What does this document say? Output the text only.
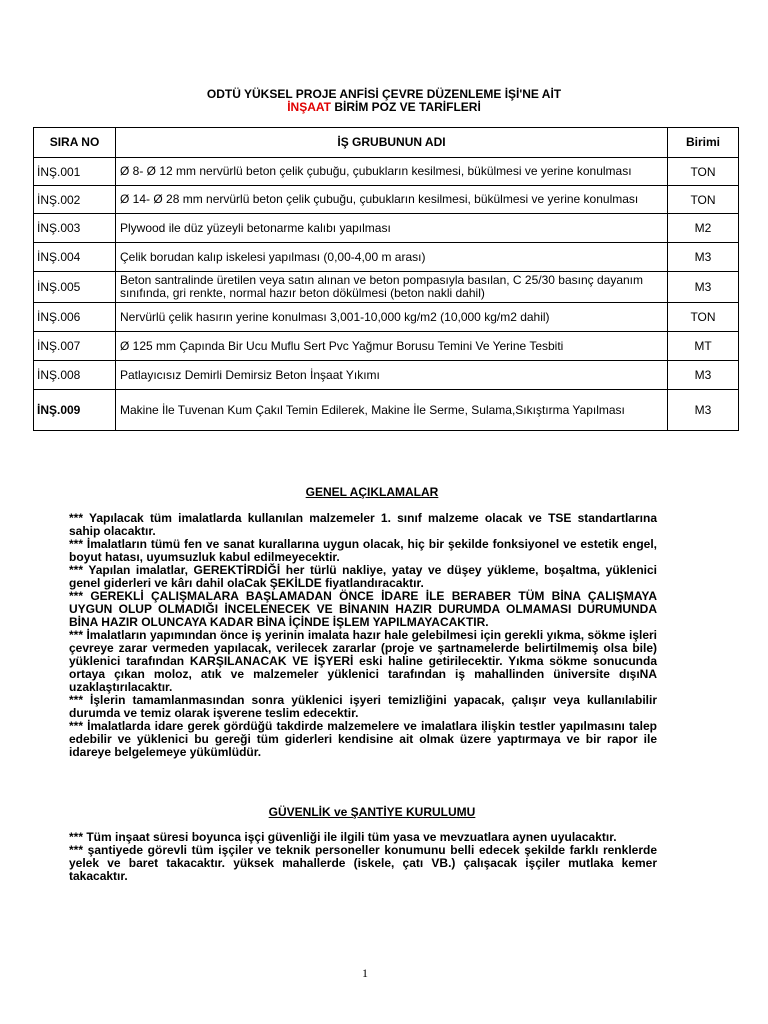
ODTÜ YÜKSEL PROJE ANFİSİ ÇEVRE DÜZENLEME İŞİ'NE AİT
İNŞAAT BİRİM POZ VE TARİFLERİ
SIRA NO	İŞ GRUBUNUN ADI	Birimi
İNŞ.001	Ø 8- Ø 12 mm nervürlü beton çelik çubuğu, çubukların kesilmesi, bükülmesi ve yerine konulması	TON
İNŞ.002	Ø 14- Ø 28 mm nervürlü beton çelik çubuğu, çubukların kesilmesi, bükülmesi ve yerine konulması	TON
İNŞ.003	Plywood ile düz yüzeyli betonarme kalıbı yapılması	M2
İNŞ.004	Çelik borudan kalıp iskelesi yapılması (0,00-4,00 m arası)	M3
İNŞ.005	Beton santralinde üretilen veya satın alınan ve beton pompasıyla basılan, C 25/30 basınç dayanım sınıfında, gri renkte, normal hazır beton dökülmesi (beton nakli dahil)	M3
İNŞ.006	Nervürlü çelik hasırın yerine konulması 3,001-10,000 kg/m2 (10,000 kg/m2 dahil)	TON
İNŞ.007	Ø 125 mm Çapında Bir Ucu Muflu Sert Pvc Yağmur Borusu Temini Ve Yerine Tesbiti	MT
İNŞ.008	Patlayıcısız Demirli Demirsiz Beton İnşaat Yıkımı	M3
İNŞ.009	Makine İle Tuvenan Kum Çakıl Temin Edilerek, Makine İle Serme, Sulama,Sıkıştırma Yapılması	M3
GENEL AÇIKLAMALAR

*** Yapılacak tüm imalatlarda kullanılan malzemeler 1. sınıf malzeme olacak ve TSE standartlarına sahip olacaktır.

*** İmalatların tümü fen ve sanat kurallarına uygun olacak, hiç bir şekilde fonksiyonel ve estetik engel, boyut hatası, uyumsuzluk kabul edilmeyecektir.

*** Yapılan imalatlar, GEREKTİRDİĞİ her türlü nakliye, yatay ve düşey yükleme, boşaltma, yüklenici genel giderleri ve kârı dahil olaCak ŞEKİLDE fiyatlandıracaktır.

*** GEREKLİ ÇALIŞMALARA BAŞLAMADAN ÖNCE İDARE İLE BERABER TÜM BİNA ÇALIŞMAYA UYGUN OLUP OLMADIĞI İNCELENECEK VE BİNANIN HAZIR DURUMDA OLMAMASI DURUMUNDA BİNA HAZIR OLUNCAYA KADAR BİNA İÇİNDE İŞLEM YAPILMAYACAKTIR.

*** İmalatların yapımından önce iş yerinin imalata hazır hale gelebilmesi için gerekli yıkma, sökme işleri çevreye zarar vermeden yapılacak, verilecek zararlar (proje ve şartnamelerde belirtilmemiş olsa bile) yüklenici tarafından KARŞILANACAK VE İŞYERİ eski haline getirilecektir. Yıkma sökme sonucunda ortaya çıkan moloz, atık ve malzemeler yüklenici tarafından iş mahallinden üniversite dışıNA uzaklaştırılacaktır.

*** İşlerin tamamlanmasından sonra yüklenici işyeri temizliğini yapacak, çalışır veya kullanılabilir durumda ve temiz olarak işverene teslim edecektir.

*** İmalatlarda idare gerek gördüğü takdirde malzemelere ve imalatlara ilişkin testler yapılmasını talep edebilir ve yüklenici bu gereği tüm giderleri kendisine ait olmak üzere yaptırmaya ve bir rapor ile idareye belgelemeye yükümlüdür.

GÜVENLİK ve ŞANTİYE KURULUMU

*** Tüm inşaat süresi boyunca işçi güvenliği ile ilgili tüm yasa ve mevzuatlara aynen uyulacaktır.

*** şantiyede görevli tüm işçiler ve teknik personeller konumunu belli edecek şekilde farklı renklerde yelek ve baret takacaktır. yüksek mahallerde (iskele, çatı VB.) çalışacak işçiler mutlaka kemer takacaktır.

1
